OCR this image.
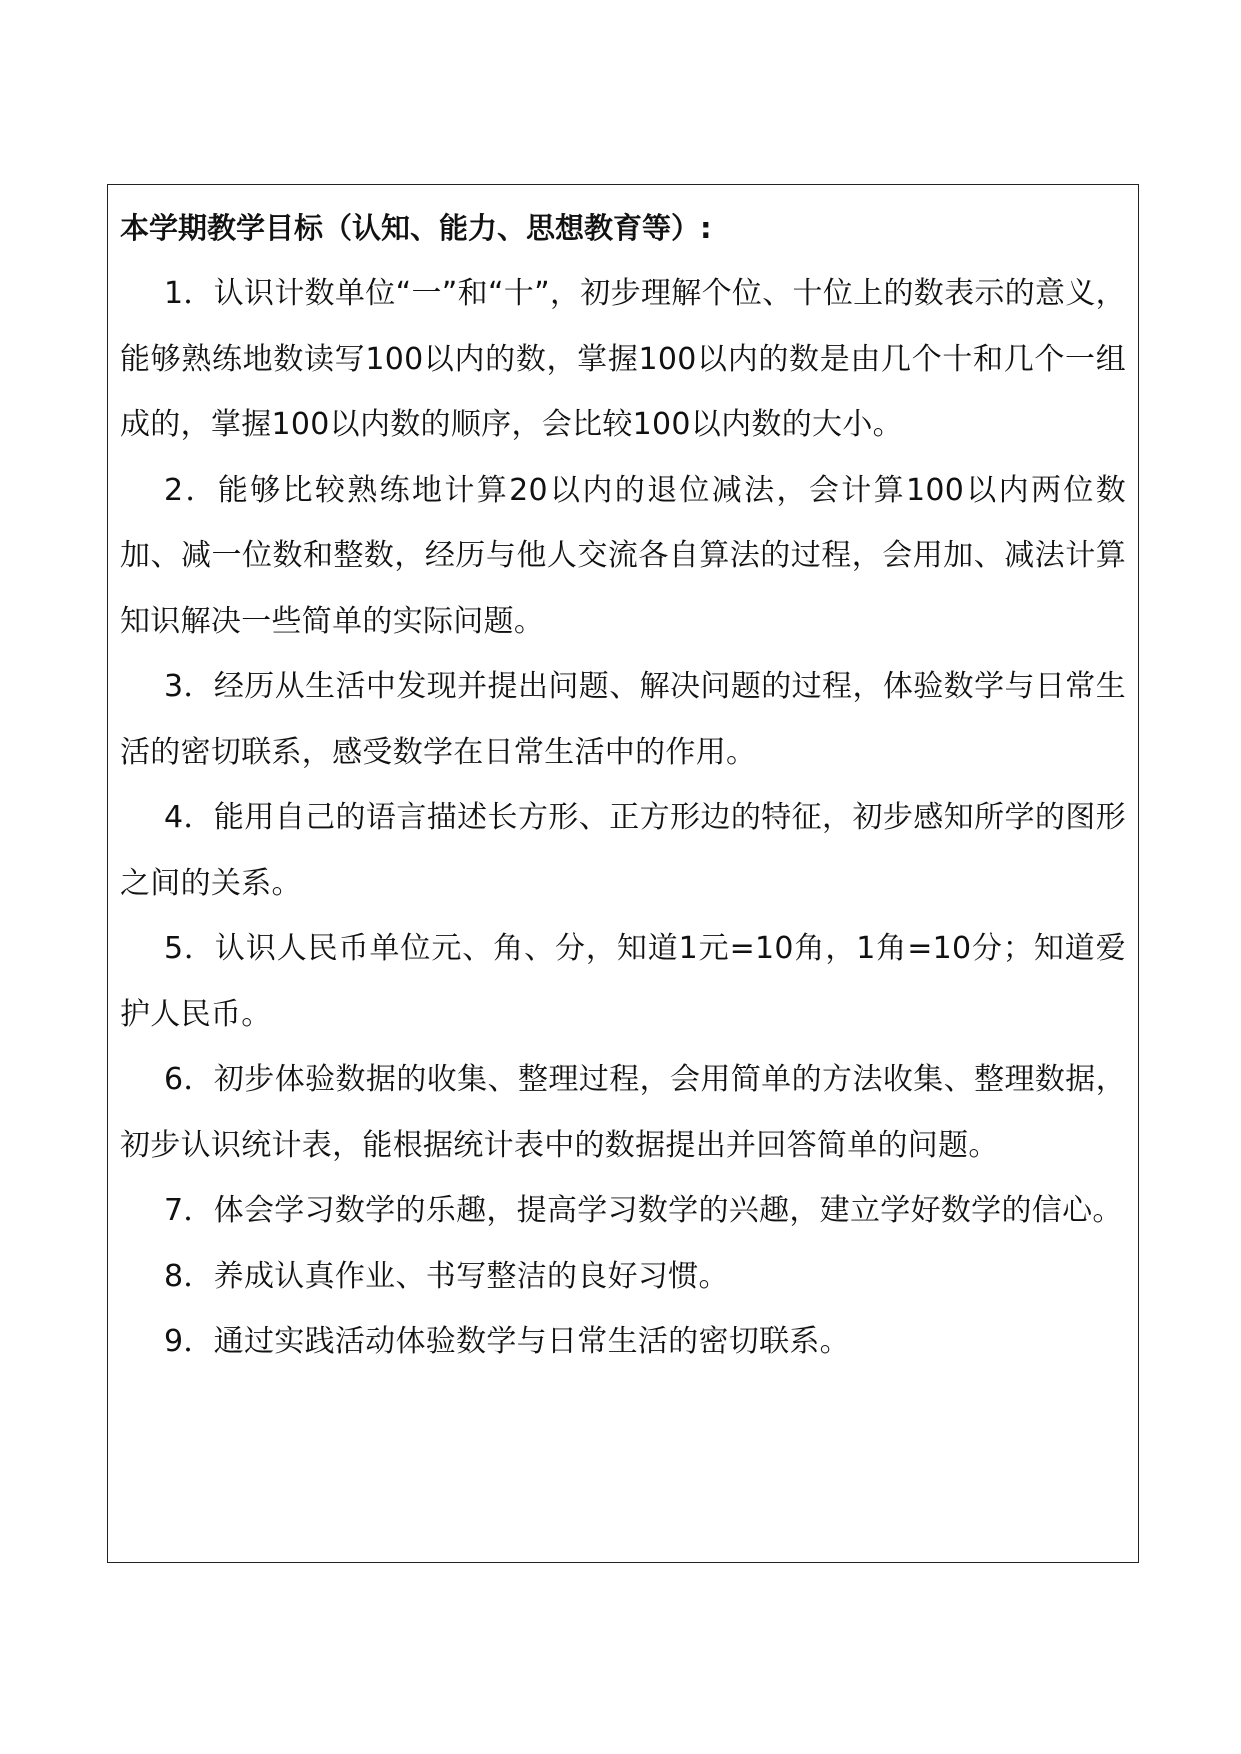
本学期教学目标（认知、能力、思想教育等）:

1．认识计数单位“一”和“十”，初步理解个位、十位上的数表示的意义，能够熟练地数读写100以内的数，掌握100以内的数是由几个十和几个一组成的，掌握100以内数的顺序，会比较100以内数的大小。

2．能够比较熟练地计算20以内的退位减法，会计算100以内两位数加、减一位数和整数，经历与他人交流各自算法的过程，会用加、减法计算知识解决一些简单的实际问题。

3．经历从生活中发现并提出问题、解决问题的过程，体验数学与日常生活的密切联系，感受数学在日常生活中的作用。

4．能用自己的语言描述长方形、正方形边的特征，初步感知所学的图形之间的关系。

5．认识人民币单位元、角、分，知道1元=10角，1角=10分；知道爱护人民币。

6．初步体验数据的收集、整理过程，会用简单的方法收集、整理数据，初步认识统计表，能根据统计表中的数据提出并回答简单的问题。

7．体会学习数学的乐趣，提高学习数学的兴趣，建立学好数学的信心。

8．养成认真作业、书写整洁的良好习惯。

9．通过实践活动体验数学与日常生活的密切联系。
